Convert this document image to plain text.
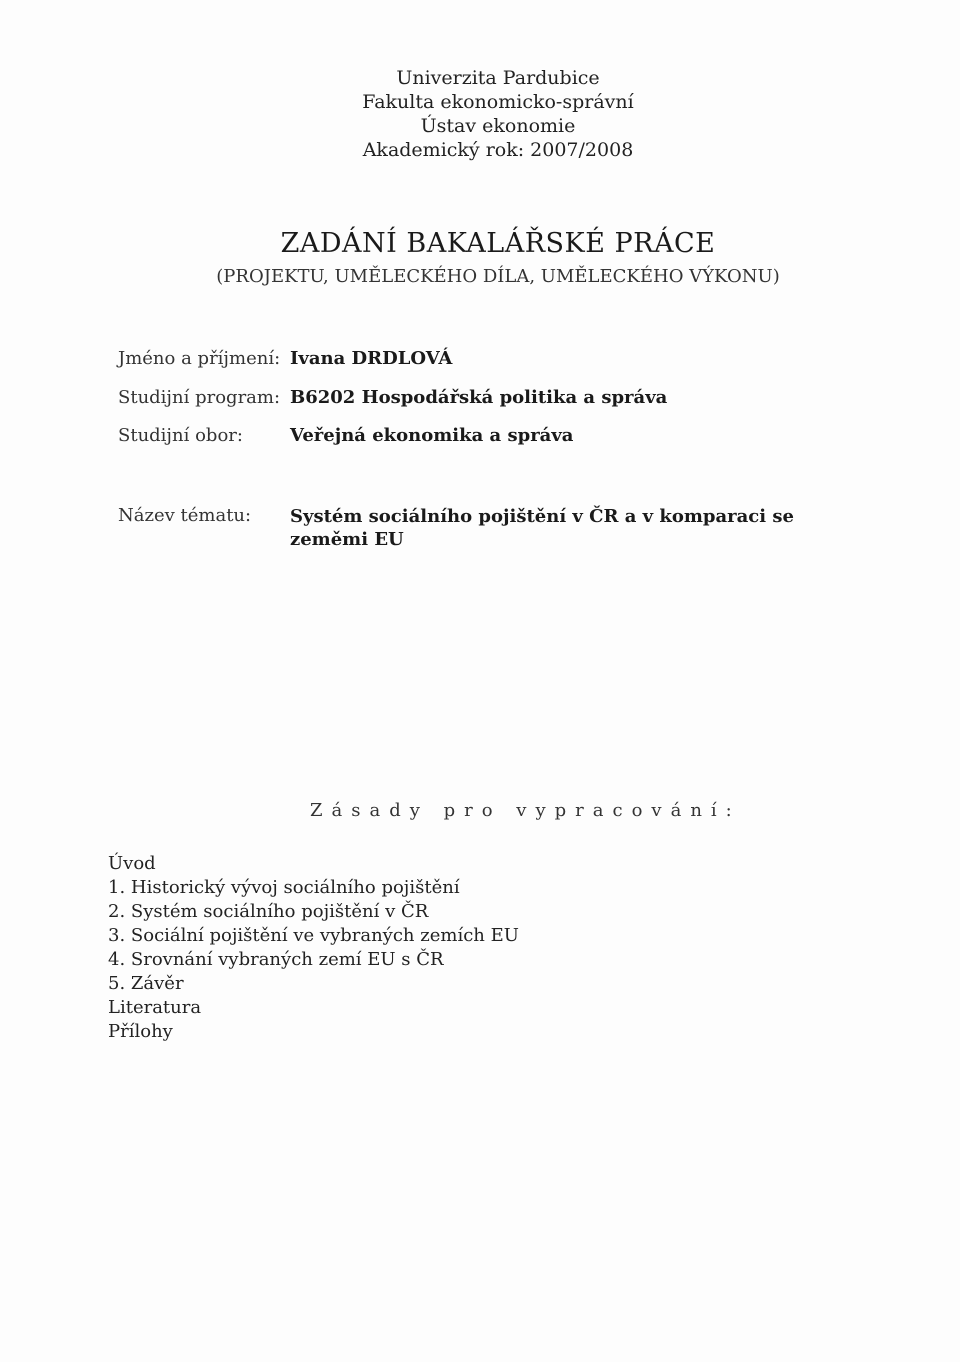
Univerzita Pardubice
Fakulta ekonomicko-správní
Ústav ekonomie
Akademický rok: 2007/2008
ZADÁNÍ BAKALÁŘSKÉ PRÁCE
(PROJEKTU, UMĚLECKÉHO DÍLA, UMĚLECKÉHO VÝKONU)
Jméno a příjmení: Ivana DRDLOVÁ
Studijní program: B6202 Hospodářská politika a správa
Studijní obor:	Veřejná ekonomika a správa
Název tématu: Systém sociálního pojištění v ČR a v komparaci se zeměmi EU
Zásady pro vypracování:
Úvod
1. Historický vývoj sociálního pojištění
2. Systém sociálního pojištění v ČR
3. Sociální pojištění ve vybraných zemích EU
4. Srovnání vybraných zemí EU s ČR
5. Závěr
Literatura
Přílohy
